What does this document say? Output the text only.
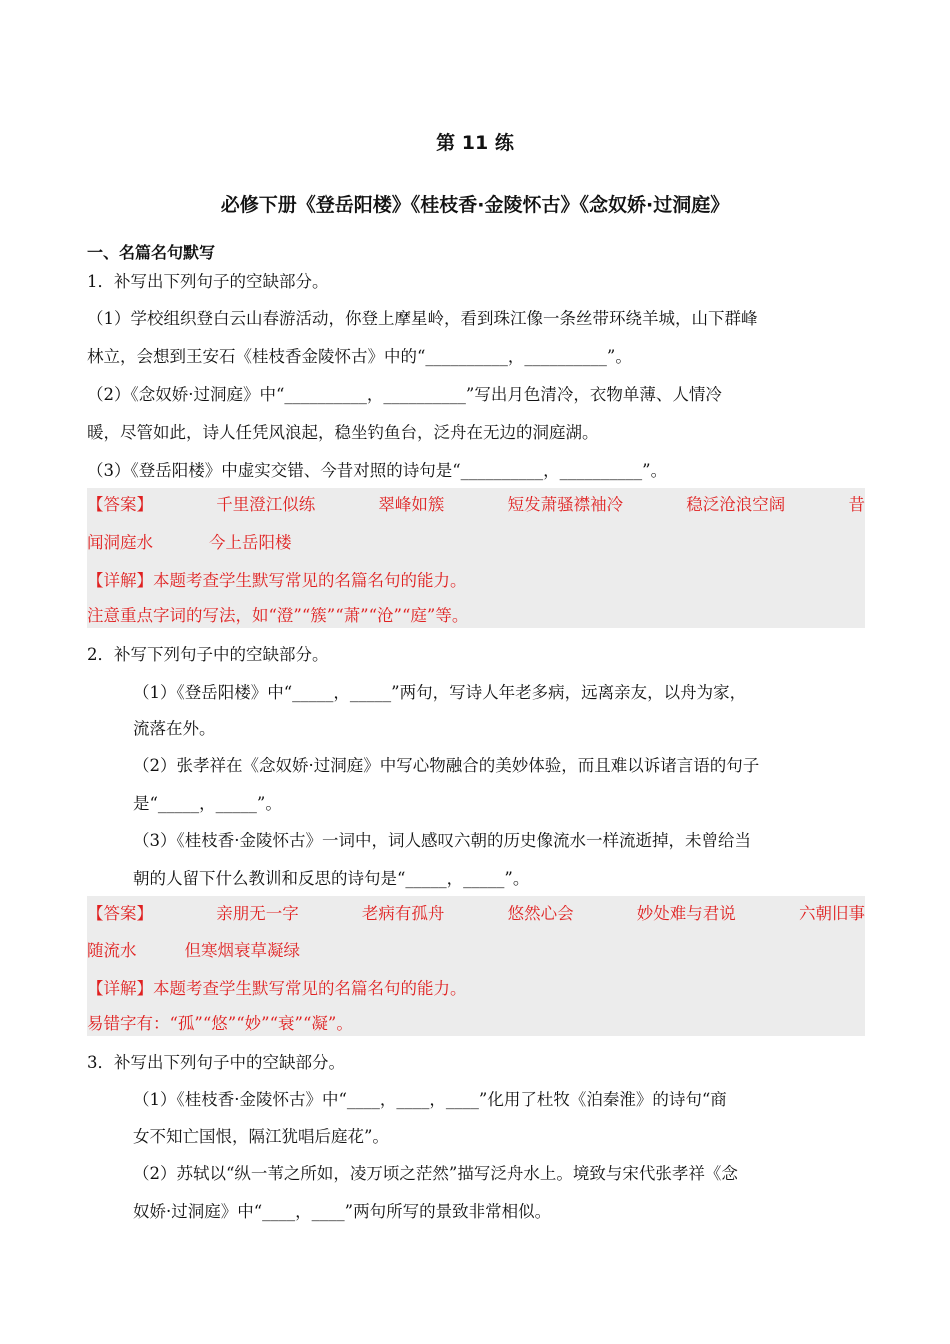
第 11 练
必修下册《登岳阳楼》《桂枝香·金陵怀古》《念奴娇·过洞庭》
一、名篇名句默写
1．补写出下列句子的空缺部分。
（1）学校组织登白云山春游活动，你登上摩星岭，看到珠江像一条丝带环绕羊城，山下群峰
林立，会想到王安石《桂枝香金陵怀古》中的“__________，__________”。
（2）《念奴娇·过洞庭》中“__________，__________”写出月色清冷，衣物单薄、人情冷
暖，尽管如此，诗人任凭风浪起，稳坐钓鱼台，泛舟在无边的洞庭湖。
（3）《登岳阳楼》中虚实交错、今昔对照的诗句是“__________，__________”。
【答案】	千里澄江似练	翠峰如簇	短发萧骚襟袖冷	稳泛沧浪空阔	昔
闻洞庭水	今上岳阳楼
【详解】本题考查学生默写常见的名篇名句的能力。
注意重点字词的写法，如“澄”“簇”“萧”“沧”“庭”等。
2．补写下列句子中的空缺部分。
（1）《登岳阳楼》中“_____，_____”两句，写诗人年老多病，远离亲友，以舟为家，
流落在外。
（2）张孝祥在《念奴娇·过洞庭》中写心物融合的美妙体验，而且难以诉诸言语的句子
是“_____，_____”。
（3）《桂枝香·金陵怀古》一词中，词人感叹六朝的历史像流水一样流逝掉，未曾给当
朝的人留下什么教训和反思的诗句是“_____，_____”。
【答案】	亲朋无一字	老病有孤舟	悠然心会	妙处难与君说	六朝旧事
随流水	但寒烟衰草凝绿
【详解】本题考查学生默写常见的名篇名句的能力。
易错字有：“孤”“悠”“妙”“衰”“凝”。
3．补写出下列句子中的空缺部分。
（1）《桂枝香·金陵怀古》中“____，____，____”化用了杜牧《泊秦淮》的诗句“商
女不知亡国恨，隔江犹唱后庭花”。
（2）苏轼以“纵一苇之所如，凌万顷之茫然”描写泛舟水上。境致与宋代张孝祥《念
奴娇·过洞庭》中“____，____”两句所写的景致非常相似。
